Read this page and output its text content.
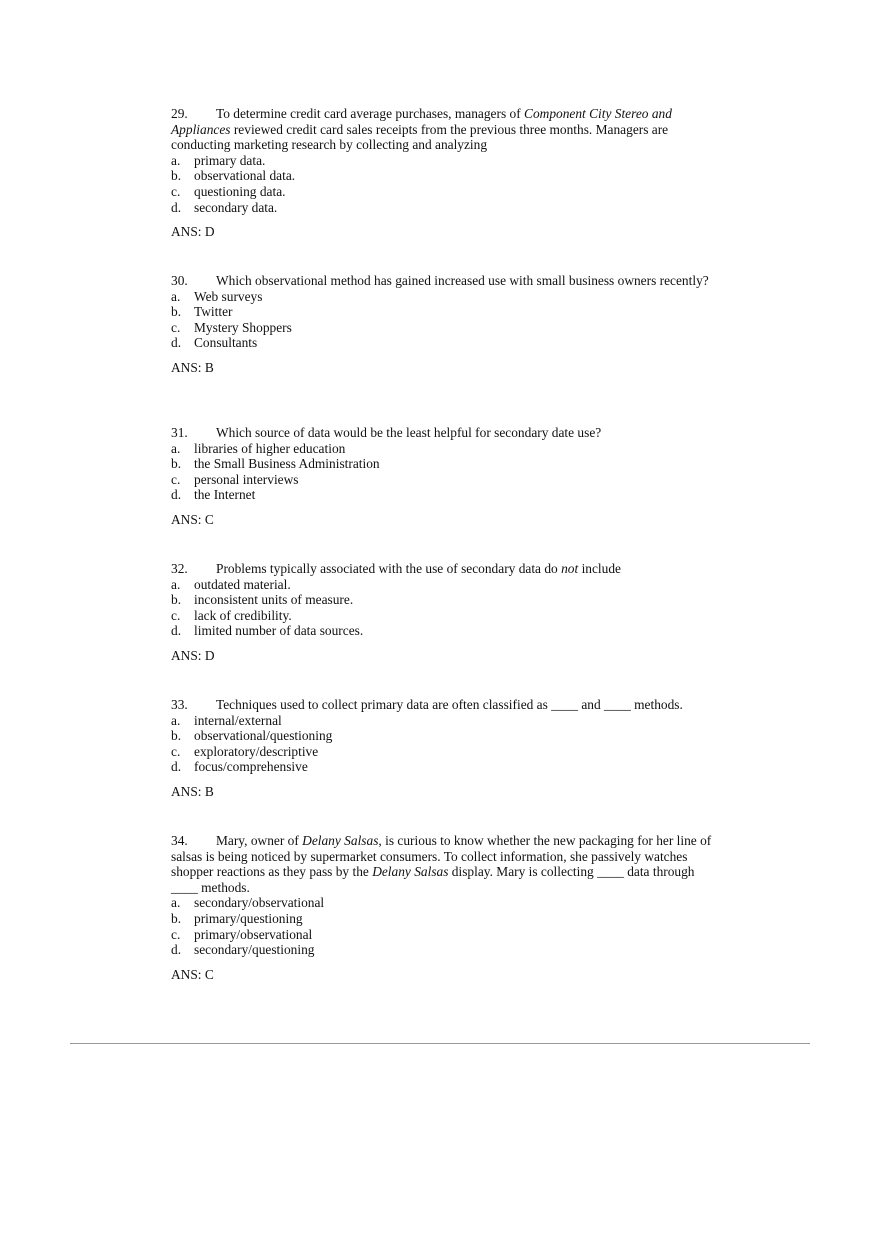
29. To determine credit card average purchases, managers of Component City Stereo and Appliances reviewed credit card sales receipts from the previous three months. Managers are conducting marketing research by collecting and analyzing

a.	primary data.
b. observational data.
c.	questioning data.
d. secondary data.
ANS: D

30. Which observational method has gained increased use with small business owners recently?

a.	Web surveys
b. Twitter
c.	Mystery Shoppers
d. Consultants
ANS: B

31. Which source of data would be the least helpful for secondary date use?

a.	libraries of higher education
b. the Small Business Administration
c.	personal interviews
d. the Internet
ANS: C

32. Problems typically associated with the use of secondary data do not include

a.	outdated material.
b. inconsistent units of measure.
c.	lack of credibility.
d. limited number of data sources.
ANS: D

33. Techniques used to collect primary data are often classified as ____ and ____ methods.

a.	internal/external
b. observational/questioning
c.	exploratory/descriptive
d. focus/comprehensive
ANS: B

34. Mary, owner of Delany Salsas, is curious to know whether the new packaging for her line of salsas is being noticed by supermarket consumers. To collect information, she passively watches shopper reactions as they pass by the Delany Salsas display. Mary is collecting ____ data through ____ methods.

a.	secondary/observational
b. primary/questioning
c.	primary/observational
d. secondary/questioning
ANS: C
